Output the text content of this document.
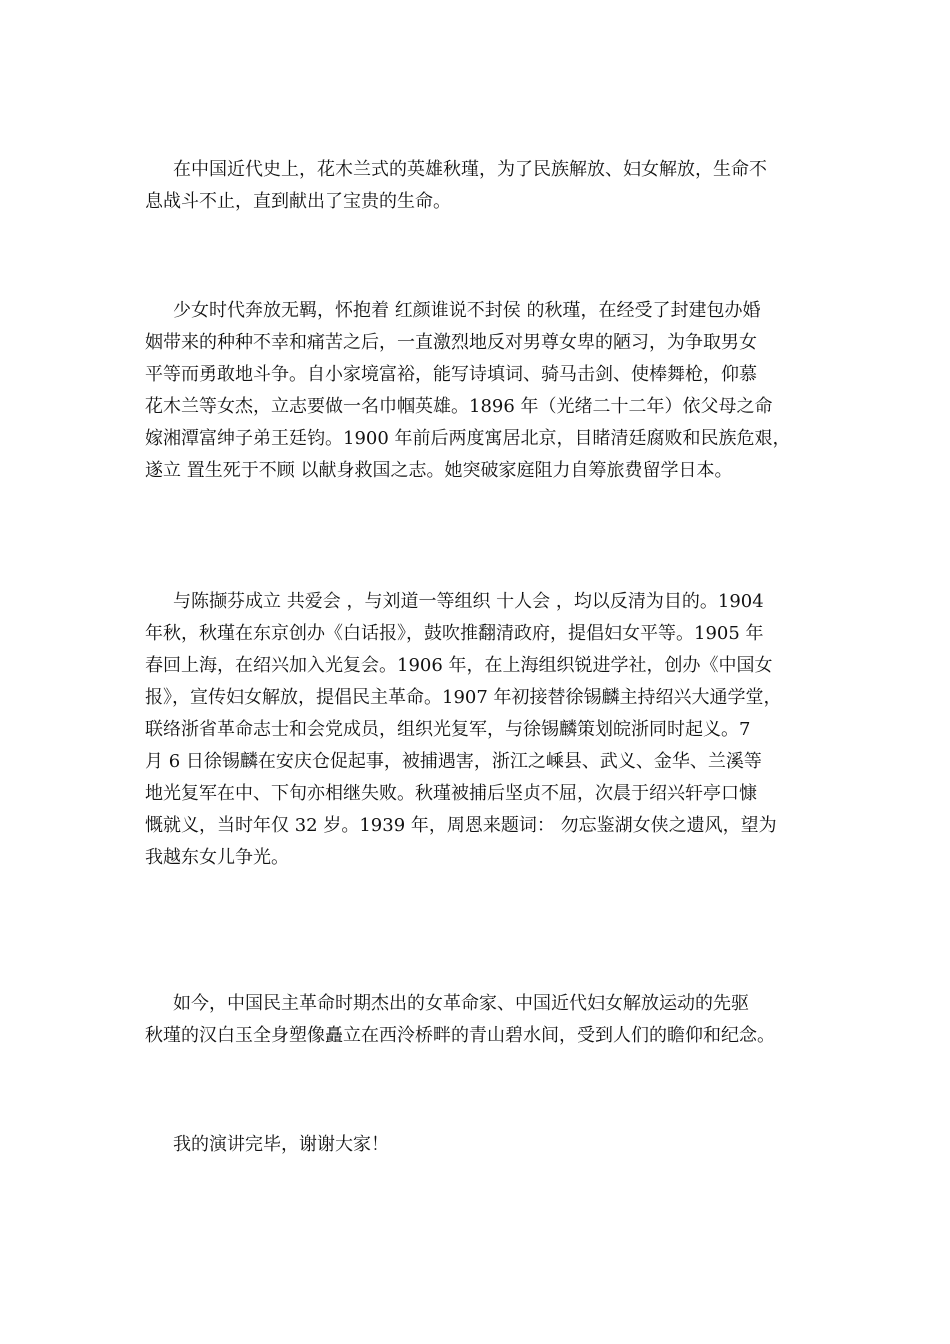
在中国近代史上，花木兰式的英雄秋瑾，为了民族解放、妇女解放，生命不
息战斗不止，直到献出了宝贵的生命。
少女时代奔放无羁，怀抱着 红颜谁说不封侯 的秋瑾，在经受了封建包办婚
姻带来的种种不幸和痛苦之后，一直激烈地反对男尊女卑的陋习，为争取男女
平等而勇敢地斗争。自小家境富裕，能写诗填词、骑马击剑、使棒舞枪，仰慕
花木兰等女杰，立志要做一名巾帼英雄。1896 年（光绪二十二年）依父母之命
嫁湘潭富绅子弟王廷钧。1900 年前后两度寓居北京，目睹清廷腐败和民族危艰，
遂立 置生死于不顾 以献身救国之志。她突破家庭阻力自筹旅费留学日本。
与陈撷芬成立 共爱会 ，与刘道一等组织 十人会 ，均以反清为目的。1904
年秋，秋瑾在东京创办《白话报》，鼓吹推翻清政府，提倡妇女平等。1905 年
春回上海，在绍兴加入光复会。1906 年，在上海组织锐进学社，创办《中国女
报》，宣传妇女解放，提倡民主革命。1907 年初接替徐锡麟主持绍兴大通学堂，
联络浙省革命志士和会党成员，组织光复军，与徐锡麟策划皖浙同时起义。7
月 6 日徐锡麟在安庆仓促起事，被捕遇害，浙江之嵊县、武义、金华、兰溪等
地光复军在中、下旬亦相继失败。秋瑾被捕后坚贞不屈，次晨于绍兴轩亭口慷
慨就义，当时年仅 32 岁。1939 年，周恩来题词： 勿忘鉴湖女侠之遗风，望为
我越东女儿争光。
如今，中国民主革命时期杰出的女革命家、中国近代妇女解放运动的先驱
秋瑾的汉白玉全身塑像矗立在西泠桥畔的青山碧水间，受到人们的瞻仰和纪念。
我的演讲完毕，谢谢大家！
